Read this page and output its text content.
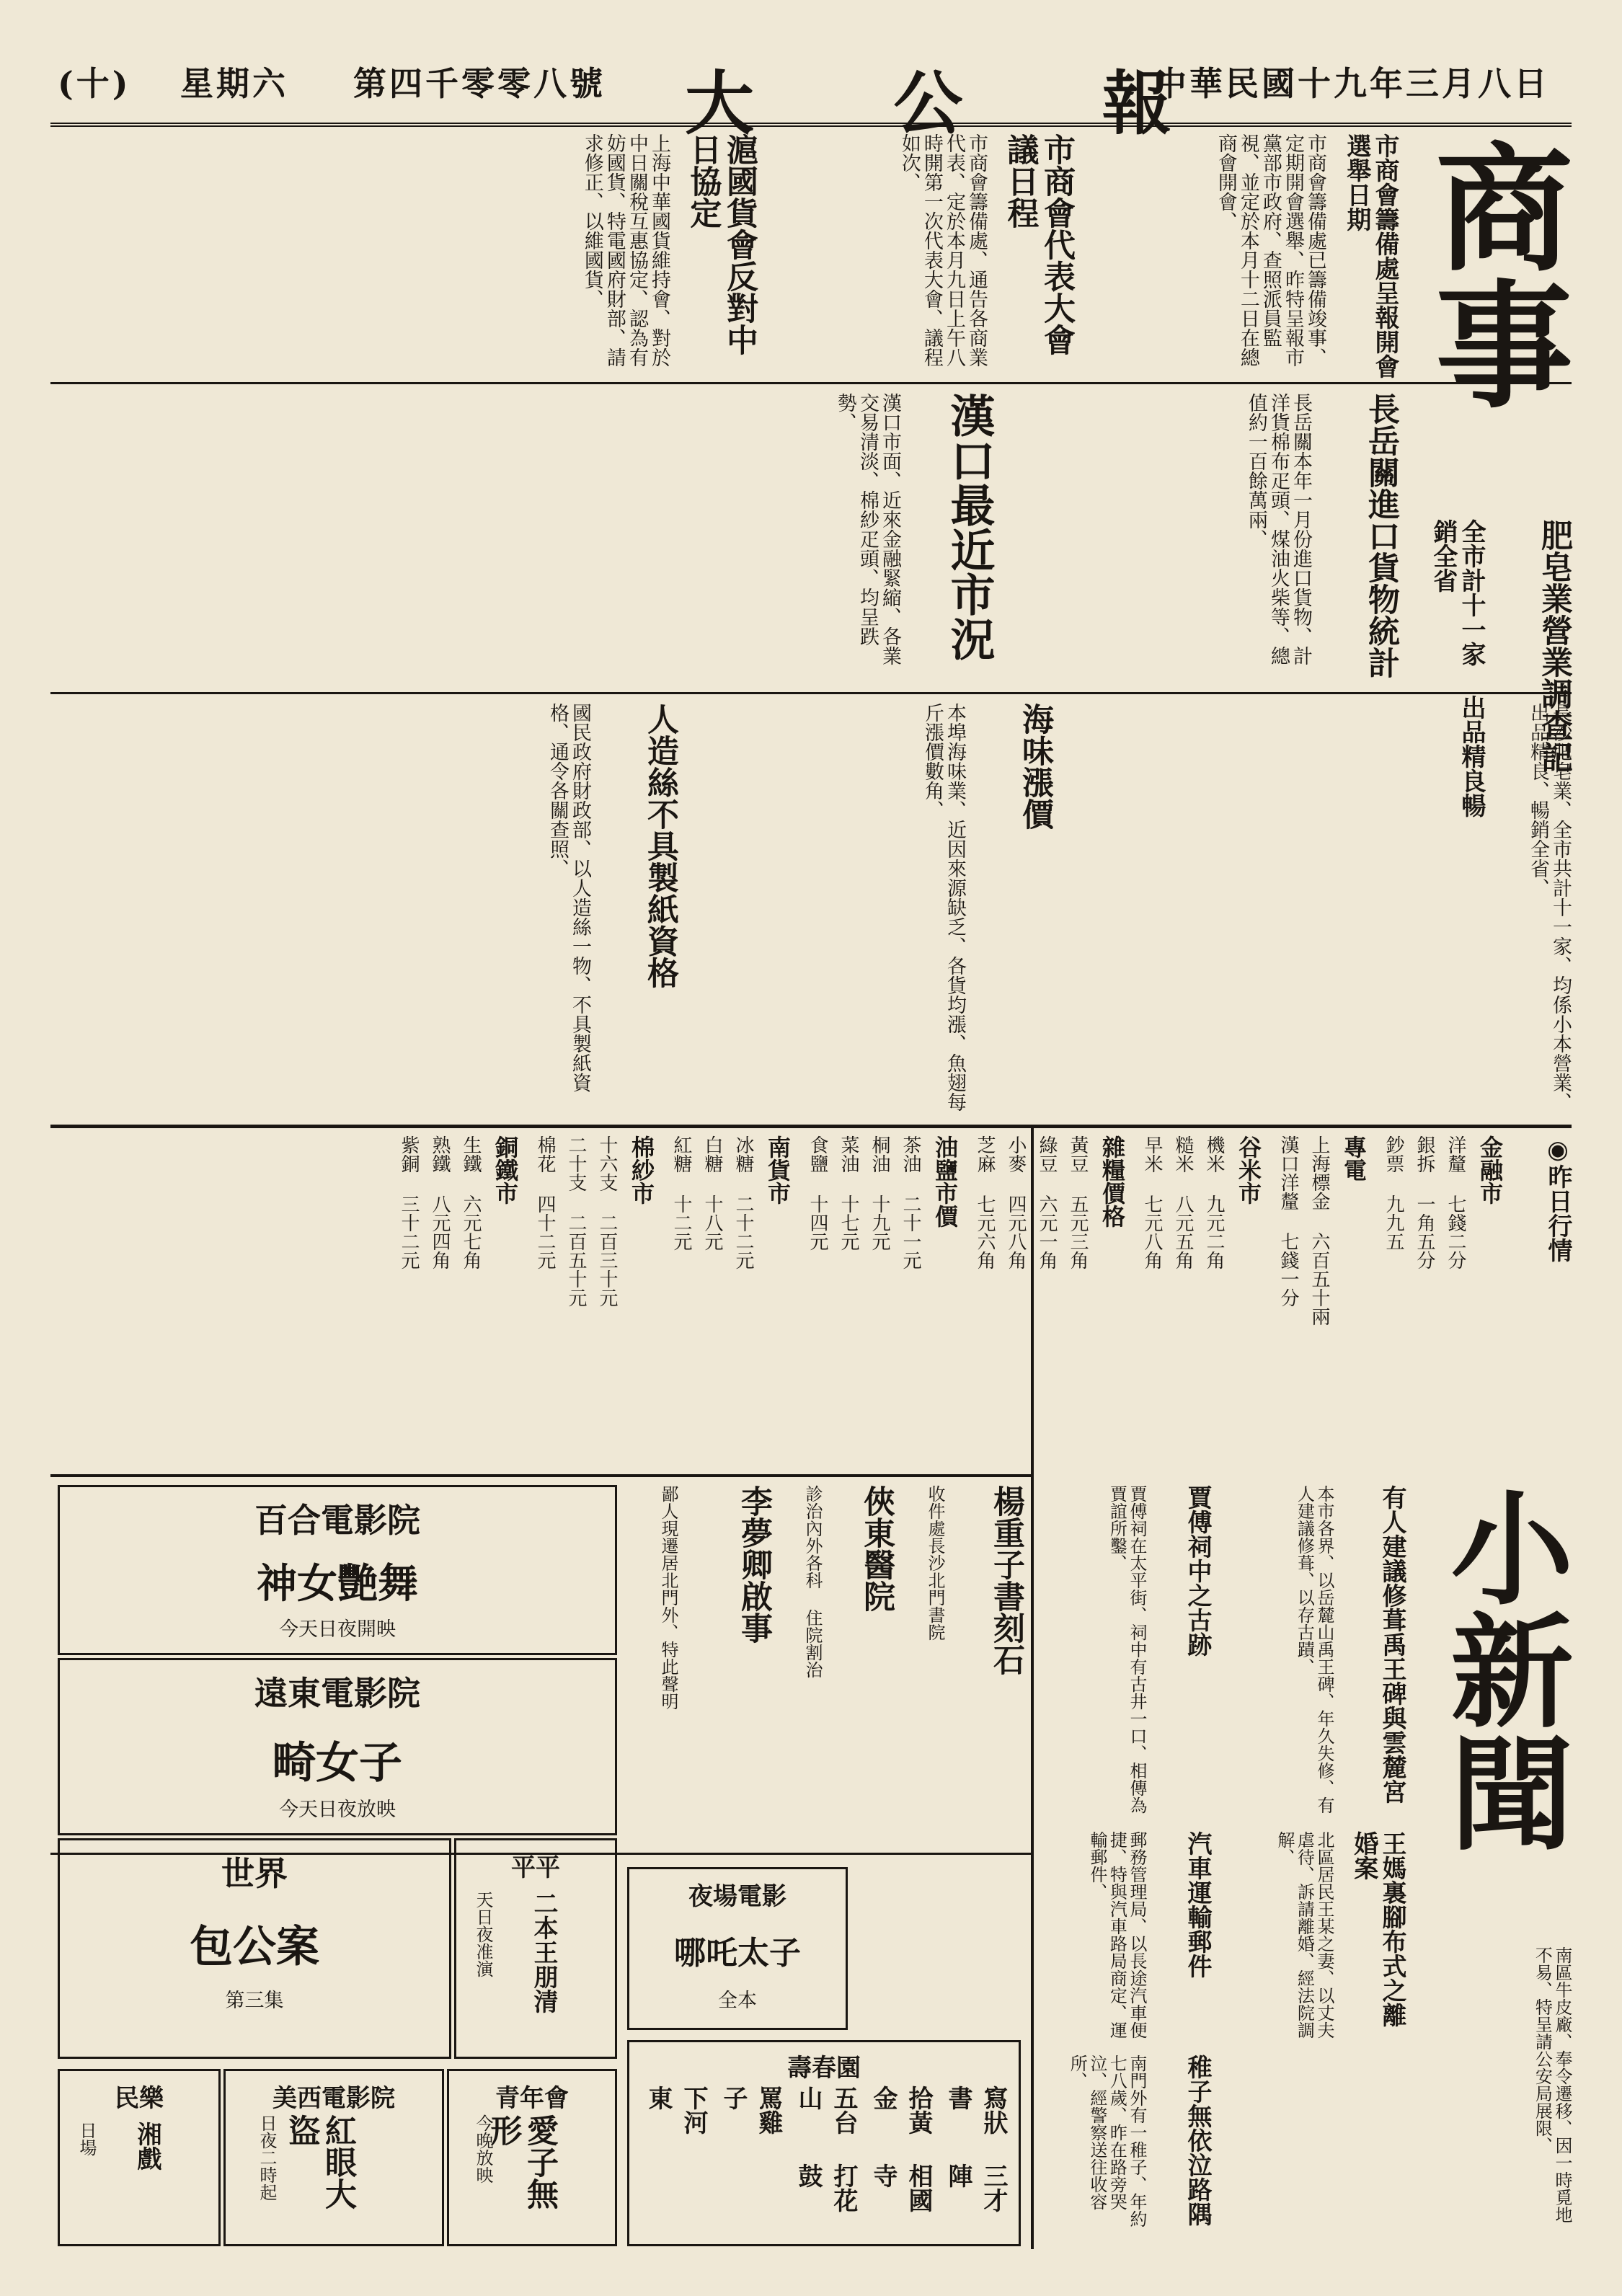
(十) 星期六 第四千零零八號 大 公 報
中華民國十九年三月八日
商事
市商會籌備處呈報開會選舉日期
市商會籌備處已籌備竣事、定期開會選舉、昨特呈報市黨部市政府、查照派員監視、並定於本月十二日在總商會開會、
市商會代表大會議日程
市商會籌備處、通告各商業代表、定於本月九日上午八時開第一次代表大會、議程如次、
滬國貨會反對中日協定
上海中華國貨維持會、對於中日關稅互惠協定、認為有妨國貨、特電國府財部、請求修正、以維國貨、
長岳關進口貨物統計
長岳關本年一月份進口貨物、計洋貨棉布疋頭、煤油火柴等、總值約一百餘萬兩、
漢口最近市況
漢口市面、近來金融緊縮、各業交易清淡、棉紗疋頭、均呈跌勢、
肥皂業營業調查記
全市計十一家 出品精良暢銷全省
長沙肥皂業、全市共計十一家、均係小本營業、出品精良、暢銷全省、
海味漲價
本埠海味業、近因來源缺乏、各貨均漲、魚翅每斤漲價數角、
人造絲不具製紙資格
國民政府財政部、以人造絲一物、不具製紙資格、通令各關查照、
◉昨日行情
金融市
洋釐 七錢二分
銀拆 一角五分
鈔票 九九五
專電
上海標金 六百五十兩
漢口洋釐 七錢一分
谷米市
機米 九元二角
糙米 八元五角
早米 七元八角
雜糧價格
黃豆 五元三角
綠豆 六元一角
小麥 四元八角
芝麻 七元六角
油鹽市價
茶油 二十一元
桐油 十九元
菜油 十七元
食鹽 十四元
南貨市
冰糖 二十二元
白糖 十八元
紅糖 十二元
棉紗市
十六支 二百三十元
二十支 二百五十元
棉花 四十二元
銅鐵市
生鐵 六元七角
熟鐵 八元四角
紫銅 三十二元
小新聞
有人建議修葺禹王碑與雲麓宮
本市各界、以岳麓山禹王碑、年久失修、有人建議修葺、以存古蹟、
王媽裏腳布式之離婚案
北區居民王某之妻、以丈夫虐待、訴請離婚、經法院調解、
賈傅祠中之古跡
賈傅祠在太平街、祠中有古井一口、相傳為賈誼所鑿、
汽車運輸郵件
郵務管理局、以長途汽車便捷、特與汽車路局商定、運輸郵件、
南區牛皮廠、奉令遷移、因一時覓地不易、特呈請公安局展限、
稚子無依泣路隅
南門外有一稚子、年約七八歲、昨在路旁哭泣、經警察送往收容所、
楊重子書刻石
收件處長沙北門書院
俠東醫院
診治內外各科 住院割治
李夢卿啟事
鄙人現遷居北門外、特此聲明
百合電影院
神女艷舞
今天日夜開映
遠東電影院
畸女子
今天日夜放映
世界
包公案
第三集
平平
二本王朋清
天日夜准演
民樂
湘戲
日場
美西電影院
紅眼大盜
日夜二時起
青年會
愛子無形
今晚放映
夜場電影
哪吒太子
全本
壽春園
寫狀書
拾黃金
五台山
罵雞子
下河東
三才陣
相國寺
打花鼓
